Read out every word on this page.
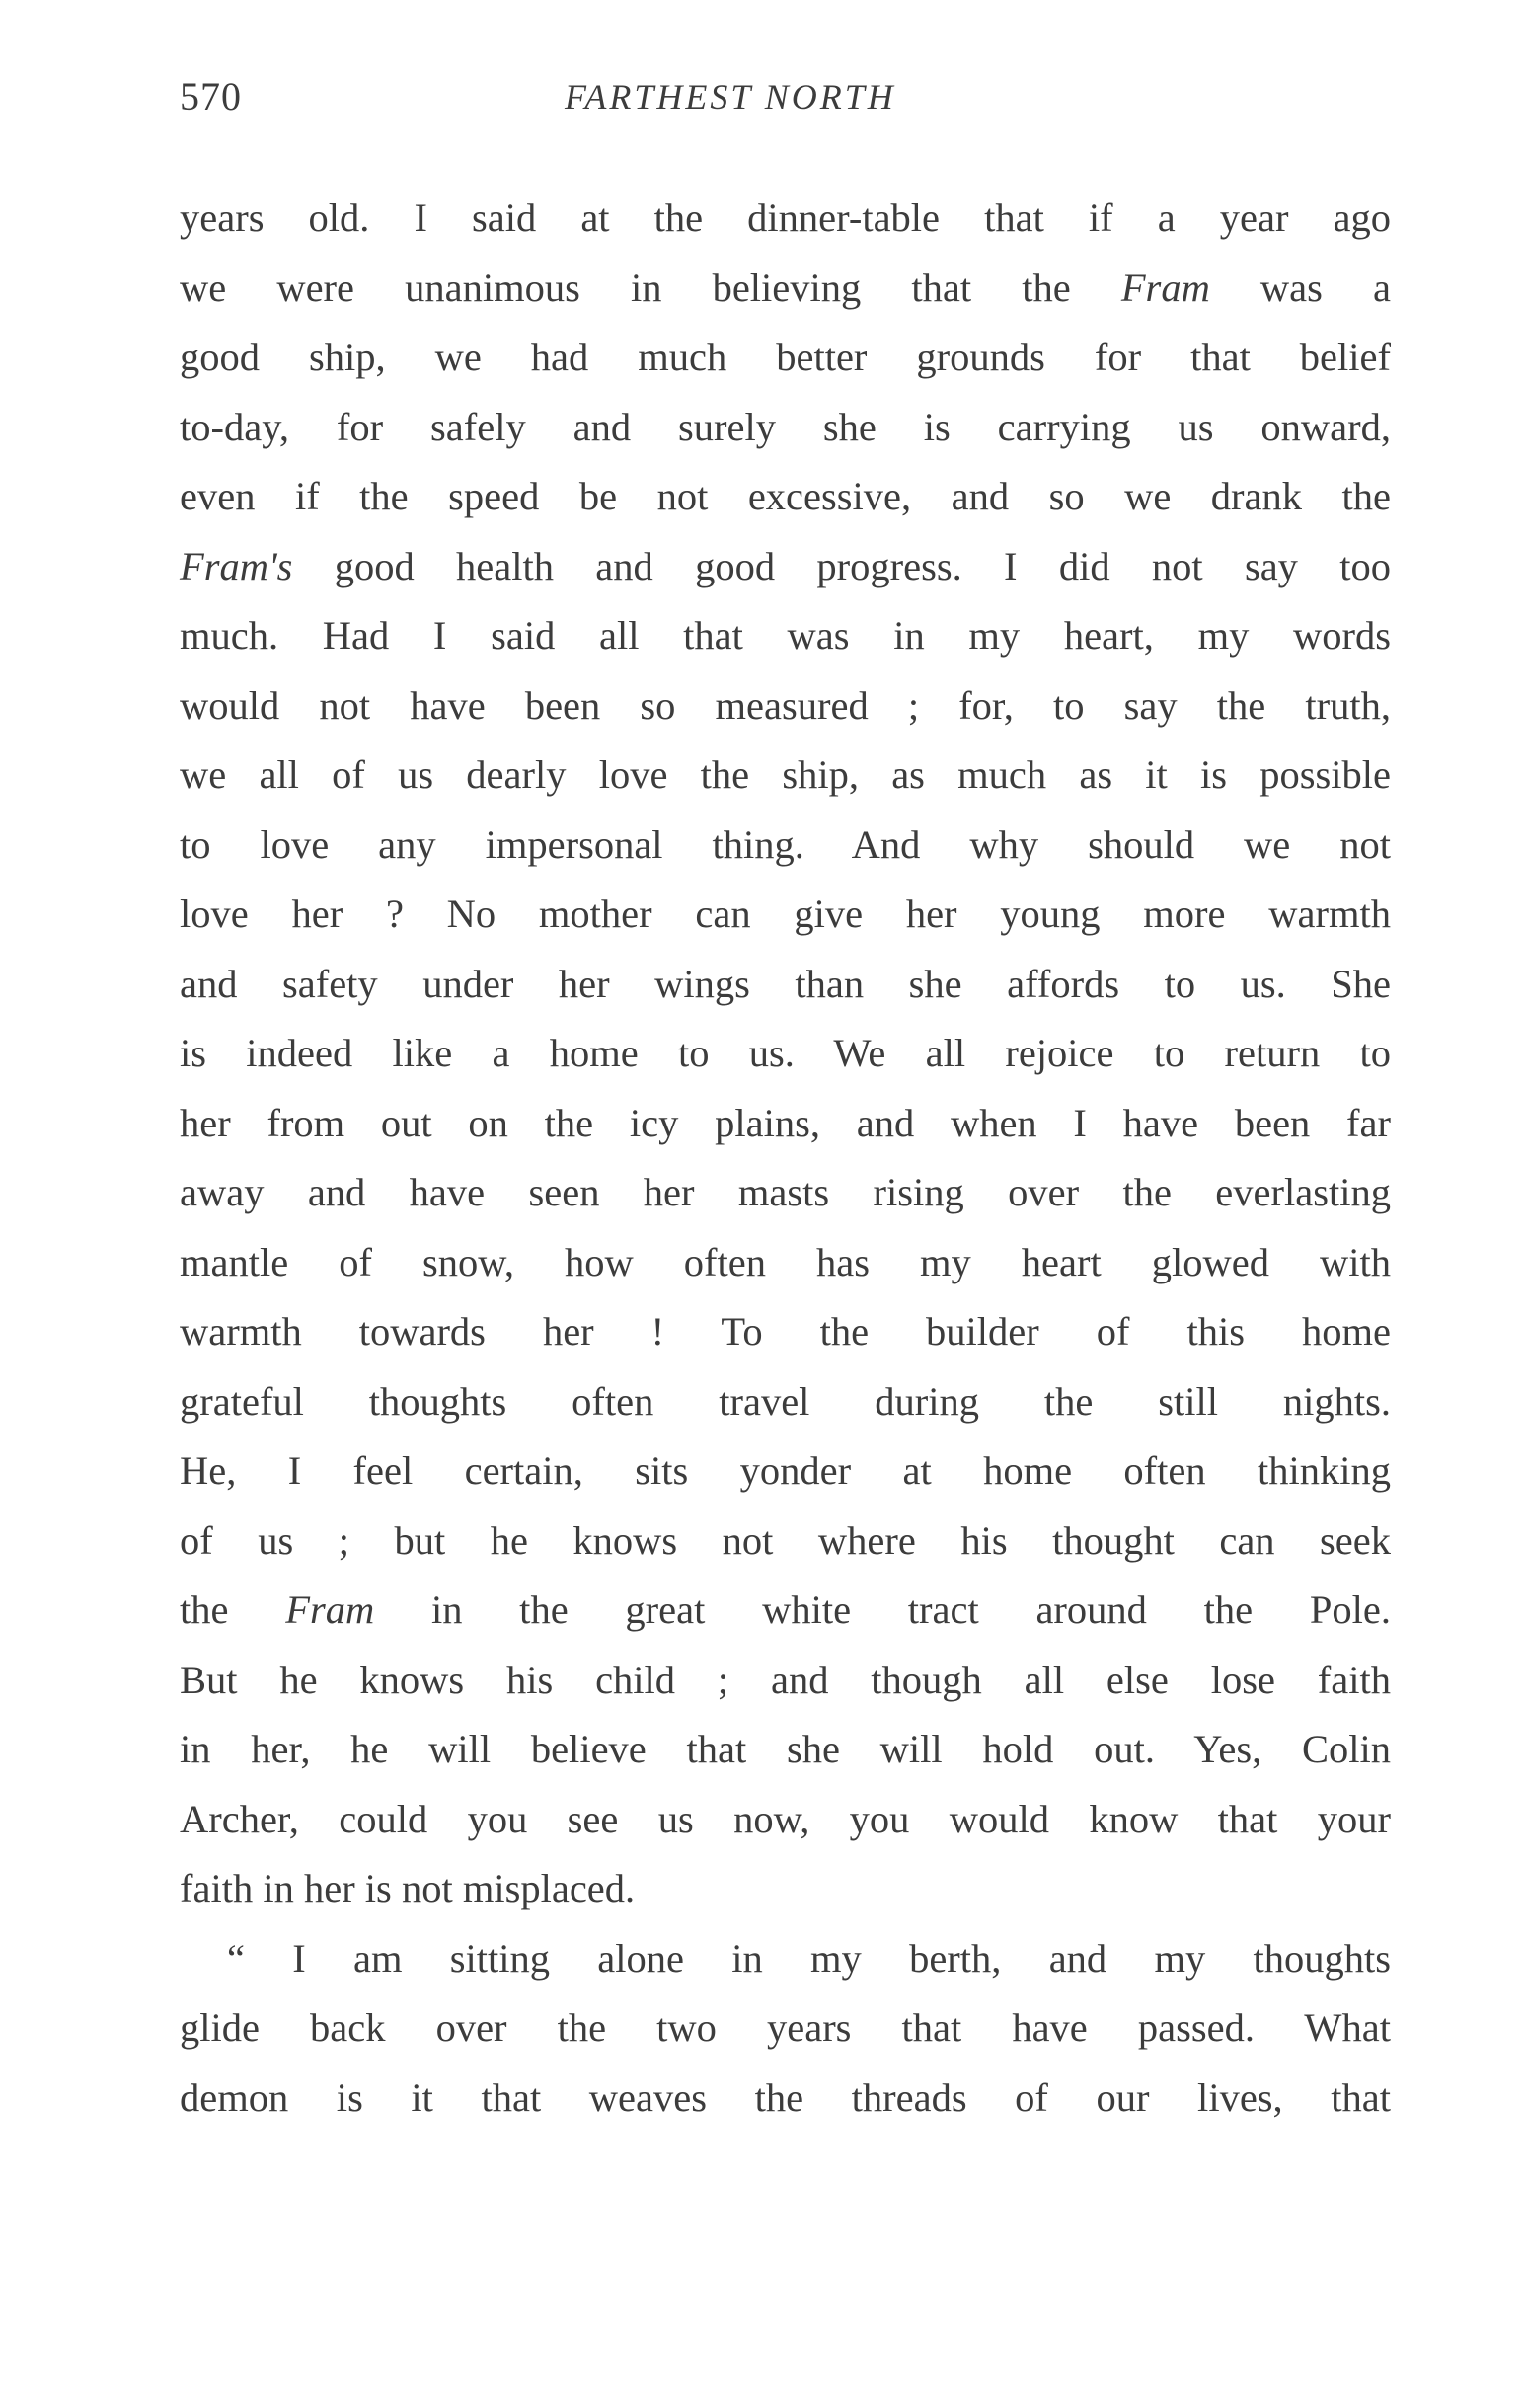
570	FARTHEST NORTH
years old. I said at the dinner-table that if a year ago
we were unanimous in believing that the Fram was a
good ship, we had much better grounds for that belief
to-day, for safely and surely she is carrying us onward,
even if the speed be not excessive, and so we drank the
Fram's good health and good progress. I did not say too
much. Had I said all that was in my heart, my words
would not have been so measured ; for, to say the truth,
we all of us dearly love the ship, as much as it is possible
to love any impersonal thing. And why should we not
love her ? No mother can give her young more warmth
and safety under her wings than she affords to us. She
is indeed like a home to us. We all rejoice to return to
her from out on the icy plains, and when I have been far
away and have seen her masts rising over the everlasting
mantle of snow, how often has my heart glowed with
warmth towards her ! To the builder of this home
grateful thoughts often travel during the still nights.
He, I feel certain, sits yonder at home often thinking
of us ; but he knows not where his thought can seek
the Fram in the great white tract around the Pole.
But he knows his child ; and though all else lose faith
in her, he will believe that she will hold out. Yes, Colin
Archer, could you see us now, you would know that your
faith in her is not misplaced.
“ I am sitting alone in my berth, and my thoughts
glide back over the two years that have passed. What
demon is it that weaves the threads of our lives, that
